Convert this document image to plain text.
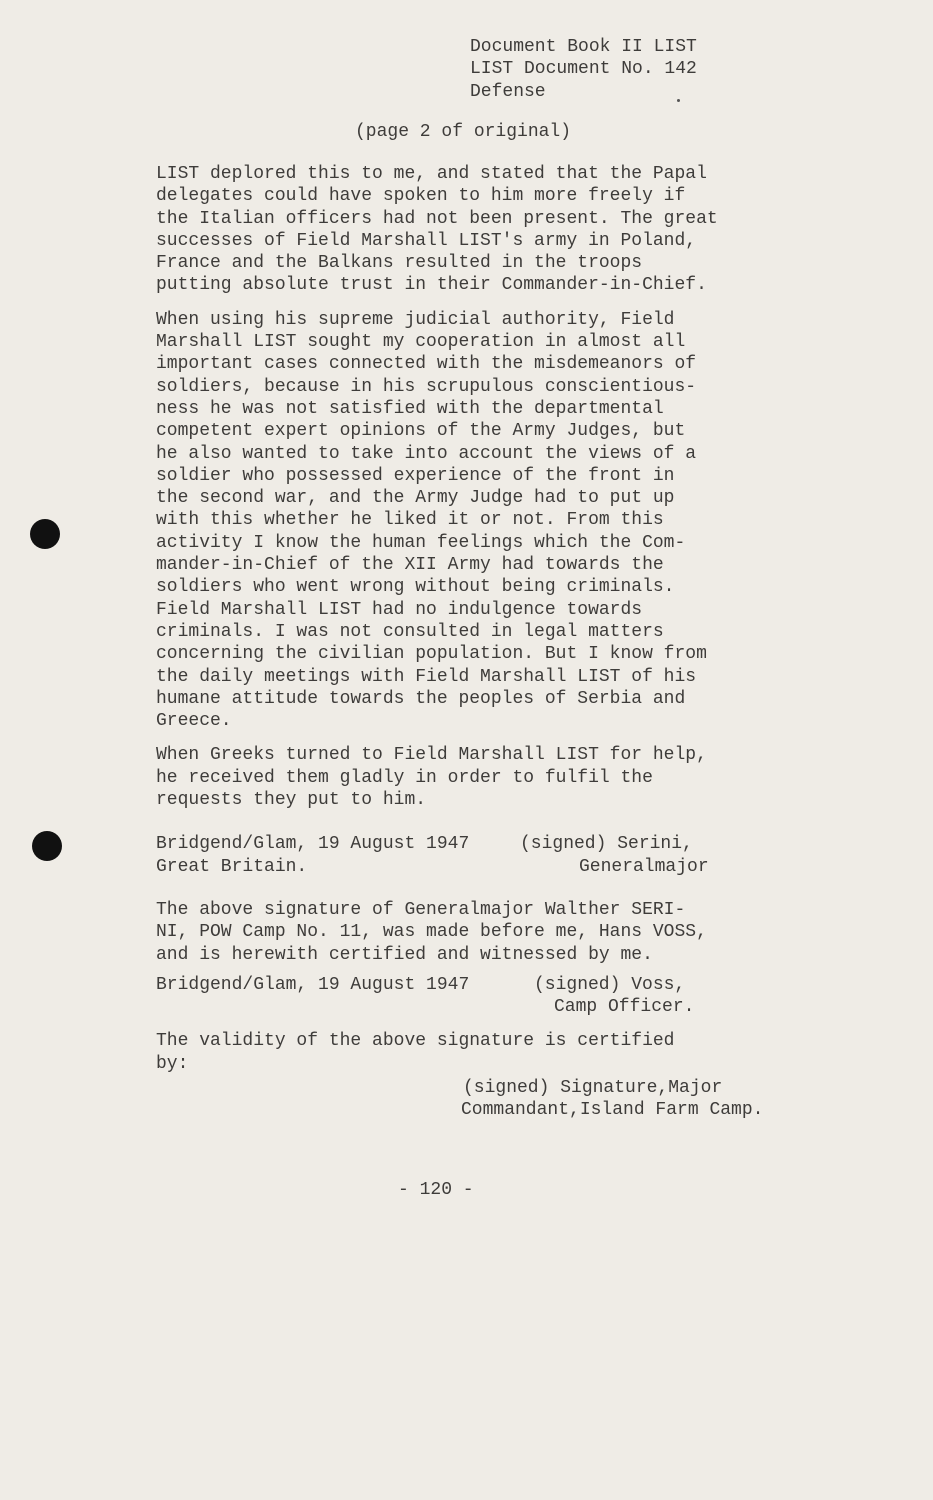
Document Book II LIST
LIST Document No. 142
Defense
(page 2 of original)
LIST deplored this to me, and stated that the Papal
delegates could have spoken to him more freely if
the Italian officers had not been present. The great
successes of Field Marshall LIST's army in Poland,
France and the Balkans resulted in the troops
putting absolute trust in their Commander-in-Chief.
When using his supreme judicial authority, Field
Marshall LIST sought my cooperation in almost all
important cases connected with the misdemeanors of
soldiers, because in his scrupulous conscientious-
ness he was not satisfied with the departmental
competent expert opinions of the Army Judges, but
he also wanted to take into account the views of a
soldier who possessed experience of the front in
the second war, and the Army Judge had to put up
with this whether he liked it or not. From this
activity I know the human feelings which the Com-
mander-in-Chief of the XII Army had towards the
soldiers who went wrong without being criminals.
Field Marshall LIST had no indulgence towards
criminals. I was not consulted in legal matters
concerning the civilian population. But I know from
the daily meetings with Field Marshall LIST of his
humane attitude towards the peoples of Serbia and
Greece.
When Greeks turned to Field Marshall LIST for help,
he received them gladly in order to fulfil the
requests they put to him.
Bridgend/Glam, 19 August 1947	(signed) Serini,
Great Britain.	Generalmajor
The above signature of Generalmajor Walther SERI-
NI, POW Camp No. 11, was made before me, Hans VOSS,
and is herewith certified and witnessed by me.
Bridgend/Glam, 19 August 1947	(signed) Voss,
Camp Officer.
The validity of the above signature is certified
by:
(signed) Signature,Major
Commandant,Island Farm Camp.
- 120 -
